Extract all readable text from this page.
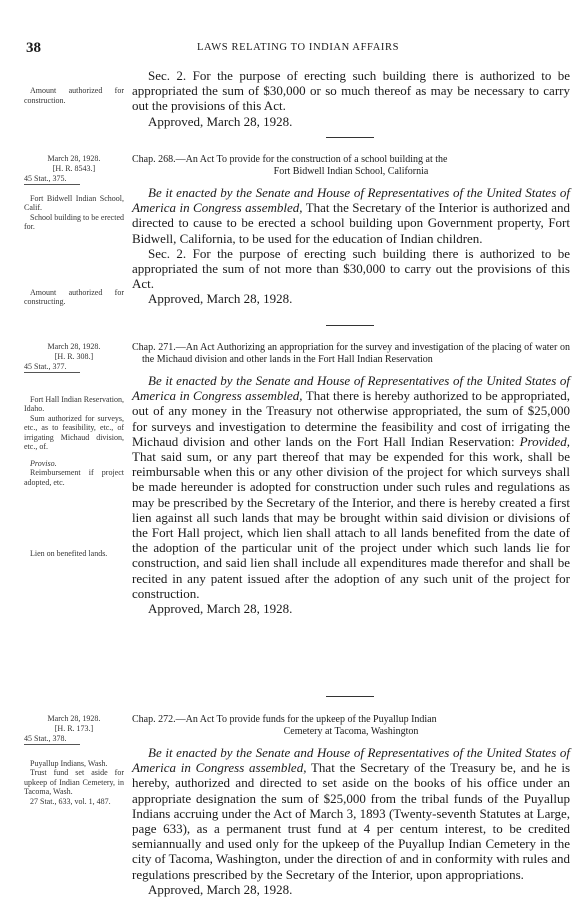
38	LAWS RELATING TO INDIAN AFFAIRS

Amount authorized for construction.

Sec. 2. For the purpose of erecting such building there is authorized to be appropriated the sum of $30,000 or so much thereof as may be necessary to carry out the provisions of this Act.

Approved, March 28, 1928.

March 28, 1928.

[H. R. 8543.]

45 Stat., 375.

Fort Bidwell Indian School, Calif.

School building to be erected for.

Amount authorized for constructing.

Chap. 268.—An Act To provide for the construction of a school building at the

Fort Bidwell Indian School, California

Be it enacted by the Senate and House of Representatives of the United States of America in Congress assembled, That the Secretary of the Interior is authorized and directed to cause to be erected a school building upon Government property, Fort Bidwell, California, to be used for the education of Indian children.

Sec. 2. For the purpose of erecting such building there is authorized to be appropriated the sum of not more than $30,000 to carry out the provisions of this Act.

Approved, March 28, 1928.

March 28, 1928.

[H. R. 308.]

45 Stat., 377.

Fort Hall Indian Reservation, Idaho.

Sum authorized for surveys, etc., as to feasibility, etc., of irrigating Michaud division, etc., of.

Proviso.

Reimbursement if project adopted, etc.

Lien on benefited lands.

Chap. 271.—An Act Authorizing an appropriation for the survey and investigation of the placing of water on the Michaud division and other lands in the Fort Hall Indian Reservation

Be it enacted by the Senate and House of Representatives of the United States of America in Congress assembled, That there is hereby authorized to be appropriated, out of any money in the Treasury not otherwise appropriated, the sum of $25,000 for surveys and investigation to determine the feasibility and cost of irrigating the Michaud division and other lands on the Fort Hall Indian Reservation: Provided, That said sum, or any part thereof that may be expended for this work, shall be reimbursable when this or any other division of the project for which surveys shall be made hereunder is adopted for construction under such rules and regulations as may be prescribed by the Secretary of the Interior, and there is hereby created a first lien against all such lands that may be brought within said division or divisions of the Fort Hall project, which lien shall attach to all lands benefited from the date of the adoption of the particular unit of the project under which such lands lie for construction, and said lien shall include all expenditures made therefor and shall be recited in any patent issued after the adoption of any such unit of the project for construction.

Approved, March 28, 1928.

March 28, 1928.

[H. R. 173.]

45 Stat., 378.

Puyallup Indians, Wash.

Trust fund set aside for upkeep of Indian Cemetery, in Tacoma, Wash.

27 Stat., 633, vol. 1, 487.

Chap. 272.—An Act To provide funds for the upkeep of the Puyallup Indian

Cemetery at Tacoma, Washington

Be it enacted by the Senate and House of Representatives of the United States of America in Congress assembled, That the Secretary of the Treasury be, and he is hereby, authorized and directed to set aside on the books of his office under an appropriate designation the sum of $25,000 from the tribal funds of the Puyallup Indians accruing under the Act of March 3, 1893 (Twenty-seventh Statutes at Large, page 633), as a permanent trust fund at 4 per centum interest, to be credited semiannually and used only for the upkeep of the Puyallup Indian Cemetery in the city of Tacoma, Washington, under the direction of and in conformity with rules and regulations prescribed by the Secretary of the Interior, upon appropriations.

Approved, March 28, 1928.
